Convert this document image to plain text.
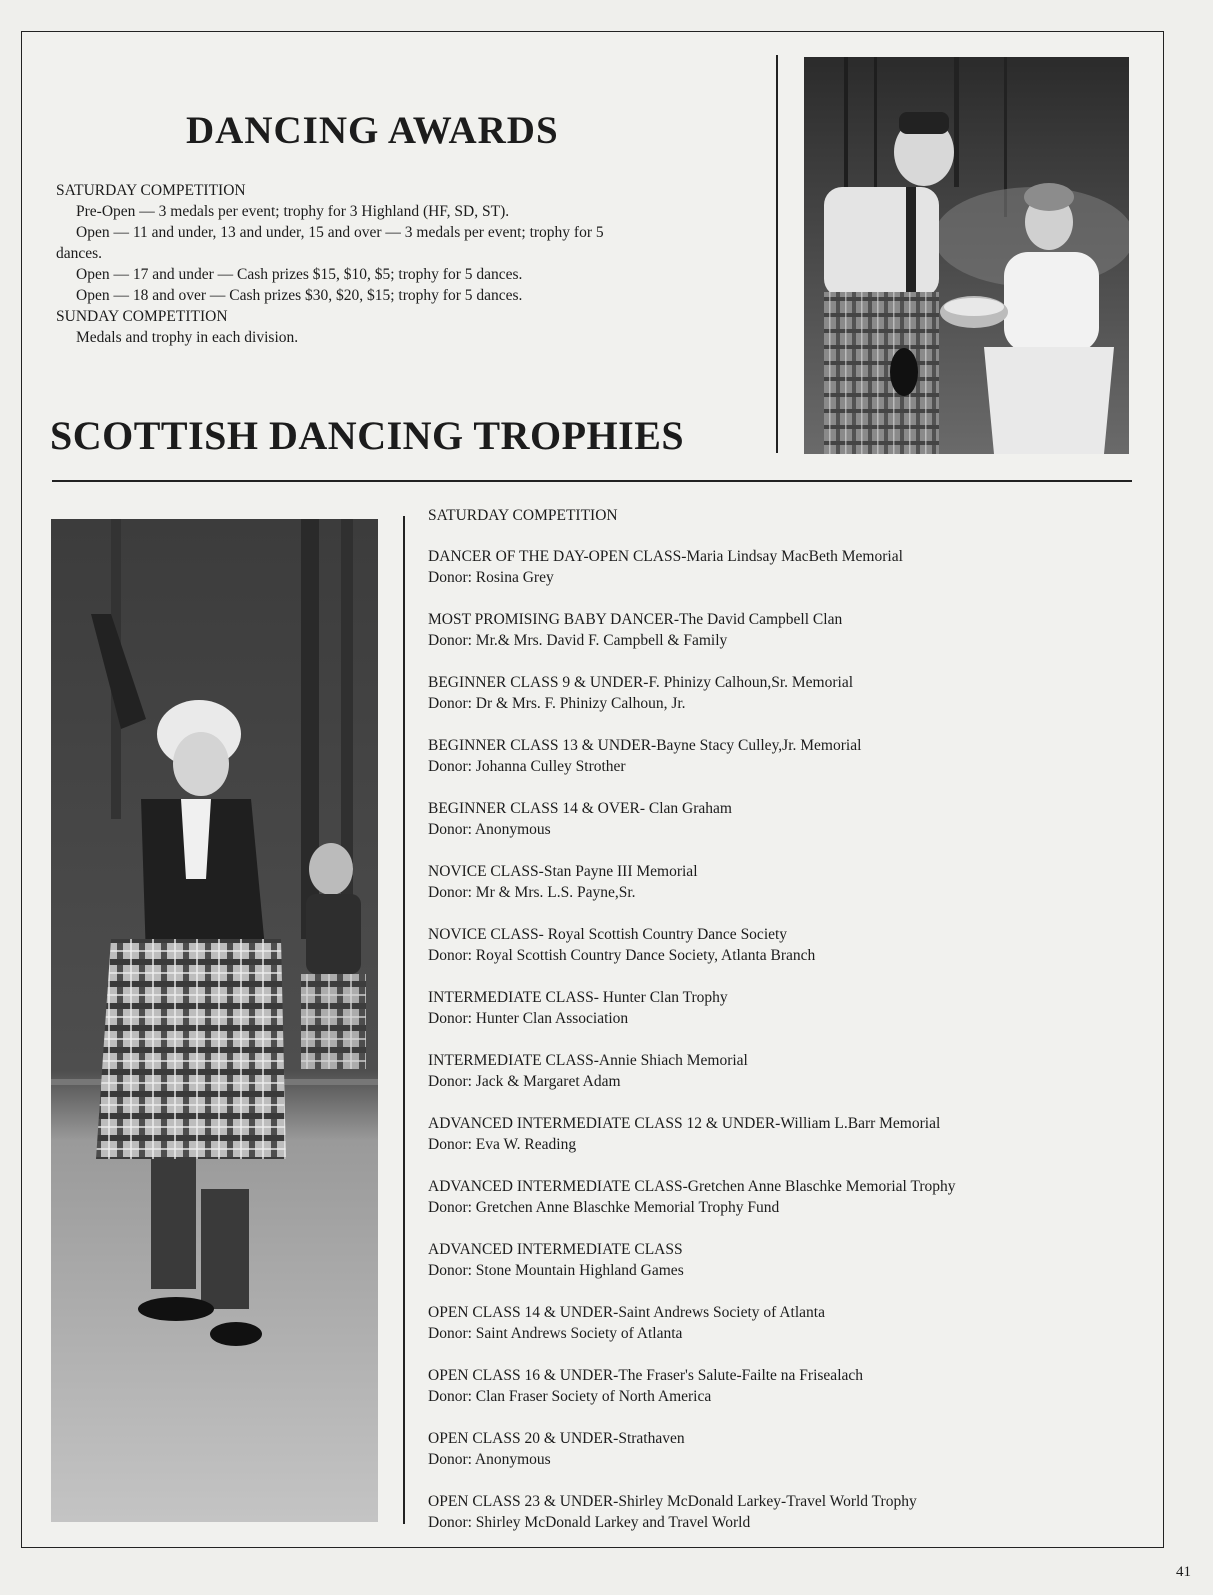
DANCING AWARDS
SATURDAY COMPETITION
Pre-Open — 3 medals per event; trophy for 3 Highland (HF, SD, ST).
Open — 11 and under, 13 and under, 15 and over — 3 medals per event; trophy for 5
dances.
Open — 17 and under — Cash prizes $15, $10, $5; trophy for 5 dances.
Open — 18 and over — Cash prizes $30, $20, $15; trophy for 5 dances.
SUNDAY COMPETITION
Medals and trophy in each division.
SCOTTISH DANCING TROPHIES
SATURDAY COMPETITION
DANCER OF THE DAY-OPEN CLASS-Maria Lindsay MacBeth Memorial
Donor: Rosina Grey
MOST PROMISING BABY DANCER-The David Campbell Clan
Donor: Mr.& Mrs. David F. Campbell & Family
BEGINNER CLASS 9 & UNDER-F. Phinizy Calhoun,Sr. Memorial
Donor: Dr & Mrs. F. Phinizy Calhoun, Jr.
BEGINNER CLASS 13 & UNDER-Bayne Stacy Culley,Jr. Memorial
Donor: Johanna Culley Strother
BEGINNER CLASS 14 & OVER- Clan Graham
Donor: Anonymous
NOVICE CLASS-Stan Payne III Memorial
Donor: Mr & Mrs. L.S. Payne,Sr.
NOVICE CLASS- Royal Scottish Country Dance Society
Donor: Royal Scottish Country Dance Society, Atlanta Branch
INTERMEDIATE CLASS- Hunter Clan Trophy
Donor: Hunter Clan Association
INTERMEDIATE CLASS-Annie Shiach Memorial
Donor: Jack & Margaret Adam
ADVANCED INTERMEDIATE CLASS 12 & UNDER-William L.Barr Memorial
Donor: Eva W. Reading
ADVANCED INTERMEDIATE CLASS-Gretchen Anne Blaschke Memorial Trophy
Donor: Gretchen Anne Blaschke Memorial Trophy Fund
ADVANCED INTERMEDIATE CLASS
Donor: Stone Mountain Highland Games
OPEN CLASS 14 & UNDER-Saint Andrews Society of Atlanta
Donor: Saint Andrews Society of Atlanta
OPEN CLASS 16 & UNDER-The Fraser's Salute-Failte na Frisealach
Donor: Clan Fraser Society of North America
OPEN CLASS 20 & UNDER-Strathaven
Donor: Anonymous
OPEN CLASS 23 & UNDER-Shirley McDonald Larkey-Travel World Trophy
Donor: Shirley McDonald Larkey and Travel World
41
